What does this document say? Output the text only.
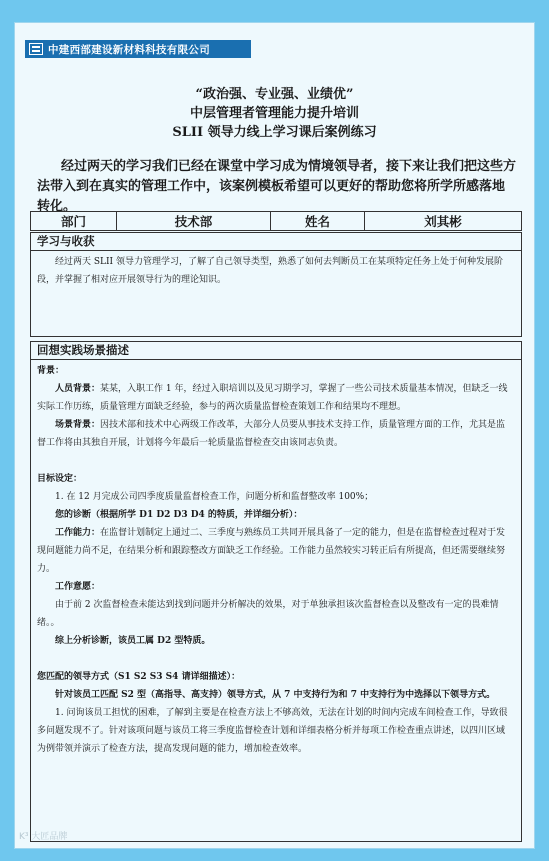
中建西部建设新材料科技有限公司
“政治强、专业强、业绩优”
中层管理者管理能力提升培训
SLII 领导力线上学习课后案例练习

经过两天的学习我们已经在课堂中学习成为情境领导者，接下来让我们把这些方法带入到在真实的管理工作中，该案例模板希望可以更好的帮助您将所学所感落地转化。

部门	技术部	姓名	刘其彬
学习与收获

经过两天 SLII 领导力管理学习，了解了自己领导类型，熟悉了如何去判断员工在某项特定任务上处于何种发展阶段，并掌握了相对应开展领导行为的理论知识。

回想实践场景描述

背景：

人员背景：某某，入职工作 1 年，经过入职培训以及见习期学习，掌握了一些公司技术质量基本情况，但缺乏一线实际工作历练，质量管理方面缺乏经验，参与的两次质量监督检查策划工作和结果均不理想。

场景背景：因技术部和技术中心两级工作改革，大部分人员要从事技术支持工作，质量管理方面的工作，尤其是监督工作将由其独自开展，计划将今年最后一轮质量监督检查交由该同志负责。

目标设定：

1. 在 12 月完成公司四季度质量监督检查工作，问题分析和监督整改率 100%；

您的诊断（根据所学 D1 D2 D3 D4 的特质，并详细分析）：

工作能力：在监督计划制定上通过二、三季度与熟练员工共同开展具备了一定的能力，但是在监督检查过程对于发现问题能力尚不足，在结果分析和跟踪整改方面缺乏工作经验。工作能力虽然较实习转正后有所提高，但还需要继续努力。

工作意愿：

由于前 2 次监督检查未能达到找到问题并分析解决的效果，对于单独承担该次监督检查以及整改有一定的畏难情绪。。

综上分析诊断，该员工属 D2 型特质。

您匹配的领导方式（S1 S2 S3 S4 请详细描述）：

针对该员工匹配 S2 型（高指导、高支持）领导方式，从 7 中支持行为和 7 中支持行为中选择以下领导方式。

1. 问询该员工担忧的困难，了解到主要是在检查方法上不够高效，无法在计划的时间内完成车间检查工作，导致很多问题发现不了。针对该项问题与该员工将三季度监督检查计划和详细表格分析并每项工作检查重点讲述，以四川区域为例带领并演示了检查方法，提高发现问题的能力，增加检查效率。

K³ 大匠品牌
